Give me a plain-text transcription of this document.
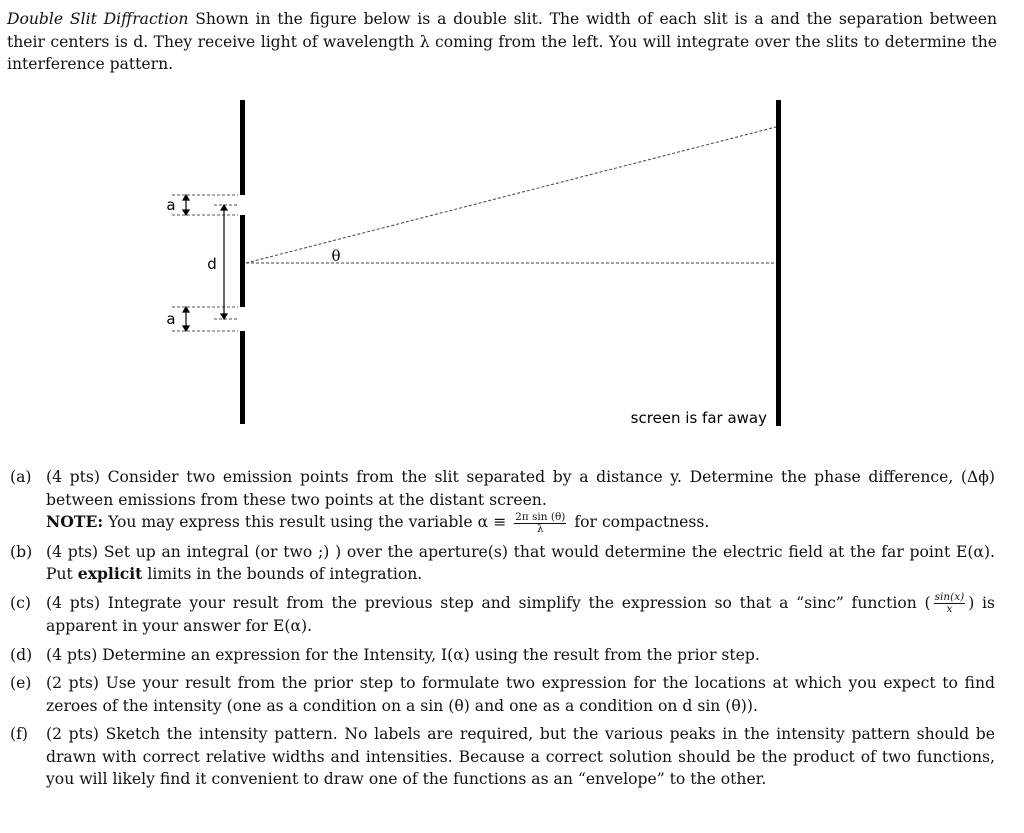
Double Slit Diffraction Shown in the figure below is a double slit. The width of each slit is a and the separation between their centers is d. They receive light of wavelength λ coming from the left. You will integrate over the slits to determine the interference pattern.
a
d
a
θ
screen is far away
(a) (4 pts) Consider two emission points from the slit separated by a distance y. Determine the phase difference, (Δϕ) between emissions from these two points at the distant screen.
NOTE: You may express this result using the variable $\alpha \equiv \frac{\text{2π sin (θ)}}{\lambda}$ for compactness.
(b) (4 pts) Set up an integral (or two ;) ) over the aperture(s) that would determine the electric field at the far point E(α). Put explicit limits in the bounds of integration.
(c) (4 pts) Integrate your result from the previous step and simplify the expression so that a “sinc” function ( $\frac{\sin(x)}{x}$ ) is apparent in your answer for E(α).
(d) (4 pts) Determine an expression for the Intensity, I(α) using the result from the prior step.
(e) (2 pts) Use your result from the prior step to formulate two expression for the locations at which you expect to find zeroes of the intensity (one as a condition on a sin (θ) and one as a condition on d sin (θ)).
(f) (2 pts) Sketch the intensity pattern. No labels are required, but the various peaks in the intensity pattern should be drawn with correct relative widths and intensities. Because a correct solution should be the product of two functions, you will likely find it convenient to draw one of the functions as an “envelope” to the other.
